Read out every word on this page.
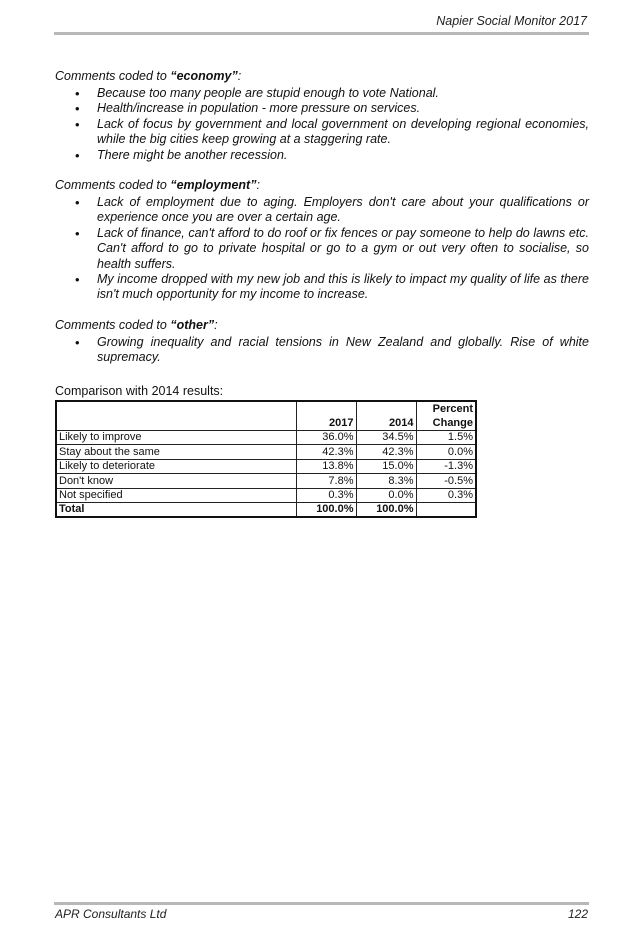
Napier Social Monitor 2017
Comments coded to “economy”:
• Because too many people are stupid enough to vote National.
• Health/increase in population - more pressure on services.
• Lack of focus by government and local government on developing regional economies, while the big cities keep growing at a staggering rate.
• There might be another recession.
Comments coded to “employment”:
• Lack of employment due to aging. Employers don't care about your qualifications or experience once you are over a certain age.
• Lack of finance, can't afford to do roof or fix fences or pay someone to help do lawns etc. Can't afford to go to private hospital or go to a gym or out very often to socialise, so health suffers.
• My income dropped with my new job and this is likely to impact my quality of life as there isn't much opportunity for my income to increase.
Comments coded to “other”:
• Growing inequality and racial tensions in New Zealand and globally. Rise of white supremacy.
Comparison with 2014 results:
	2017	2014	Percent
Change

Likely to improve	36.0%	34.5%	1.5%
Stay about the same	42.3%	42.3%	0.0%
Likely to deteriorate	13.8%	15.0%	-1.3%
Don't know	7.8%	8.3%	-0.5%
Not specified	0.3%	0.0%	0.3%
Total	100.0%	100.0%	
APR Consultants Ltd	122
